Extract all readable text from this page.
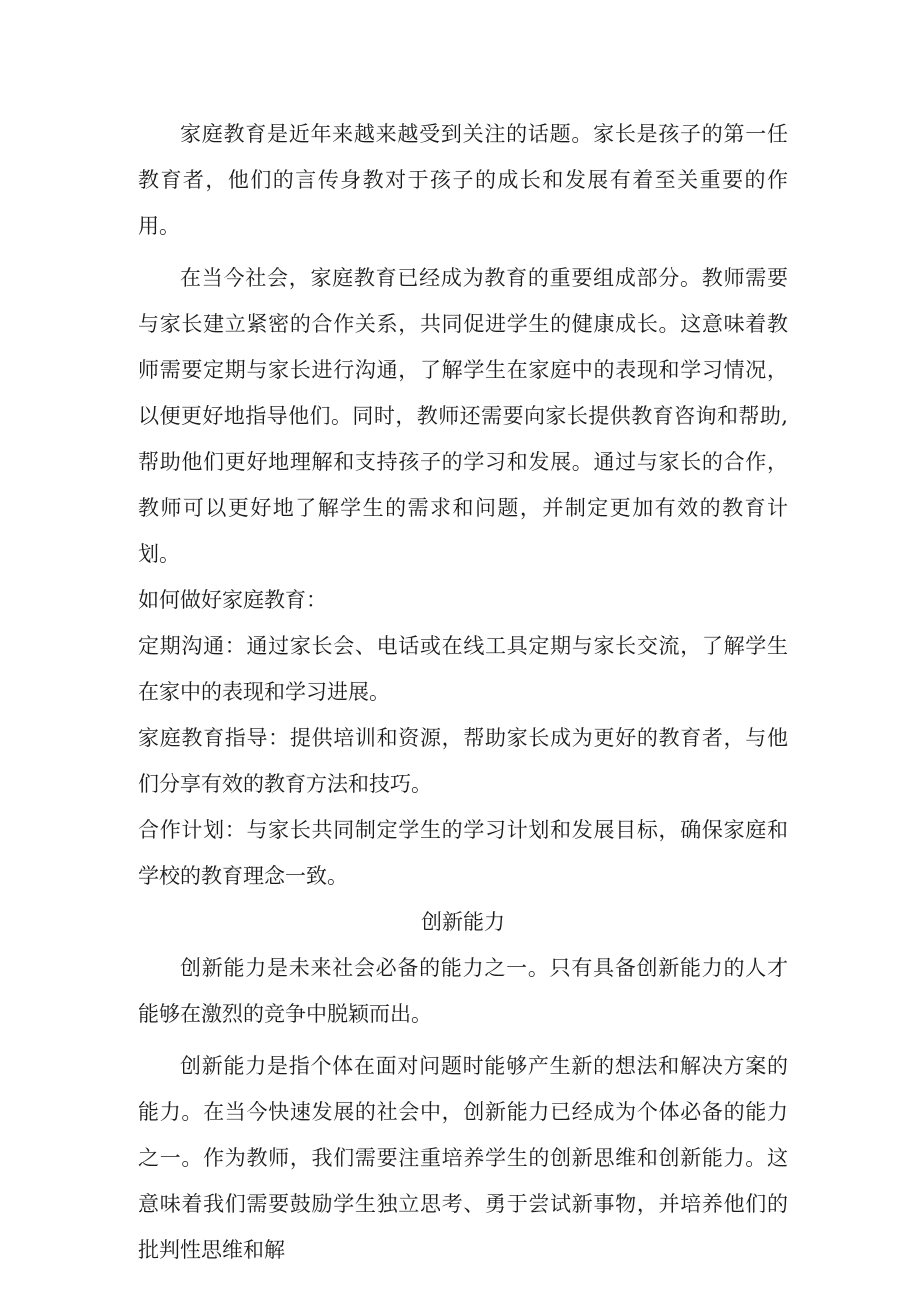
家庭教育是近年来越来越受到关注的话题。家长是孩子的第一任教育者，他们的言传身教对于孩子的成长和发展有着至关重要的作用。

在当今社会，家庭教育已经成为教育的重要组成部分。教师需要与家长建立紧密的合作关系，共同促进学生的健康成长。这意味着教师需要定期与家长进行沟通，了解学生在家庭中的表现和学习情况，以便更好地指导他们。同时，教师还需要向家长提供教育咨询和帮助,帮助他们更好地理解和支持孩子的学习和发展。通过与家长的合作，教师可以更好地了解学生的需求和问题，并制定更加有效的教育计划。

如何做好家庭教育：

定期沟通：通过家长会、电话或在线工具定期与家长交流，了解学生在家中的表现和学习进展。

家庭教育指导：提供培训和资源，帮助家长成为更好的教育者，与他们分享有效的教育方法和技巧。

合作计划：与家长共同制定学生的学习计划和发展目标，确保家庭和学校的教育理念一致。

创新能力

创新能力是未来社会必备的能力之一。只有具备创新能力的人才能够在激烈的竞争中脱颖而出。

创新能力是指个体在面对问题时能够产生新的想法和解决方案的能力。在当今快速发展的社会中，创新能力已经成为个体必备的能力之一。作为教师，我们需要注重培养学生的创新思维和创新能力。这意味着我们需要鼓励学生独立思考、勇于尝试新事物，并培养他们的批判性思维和解
